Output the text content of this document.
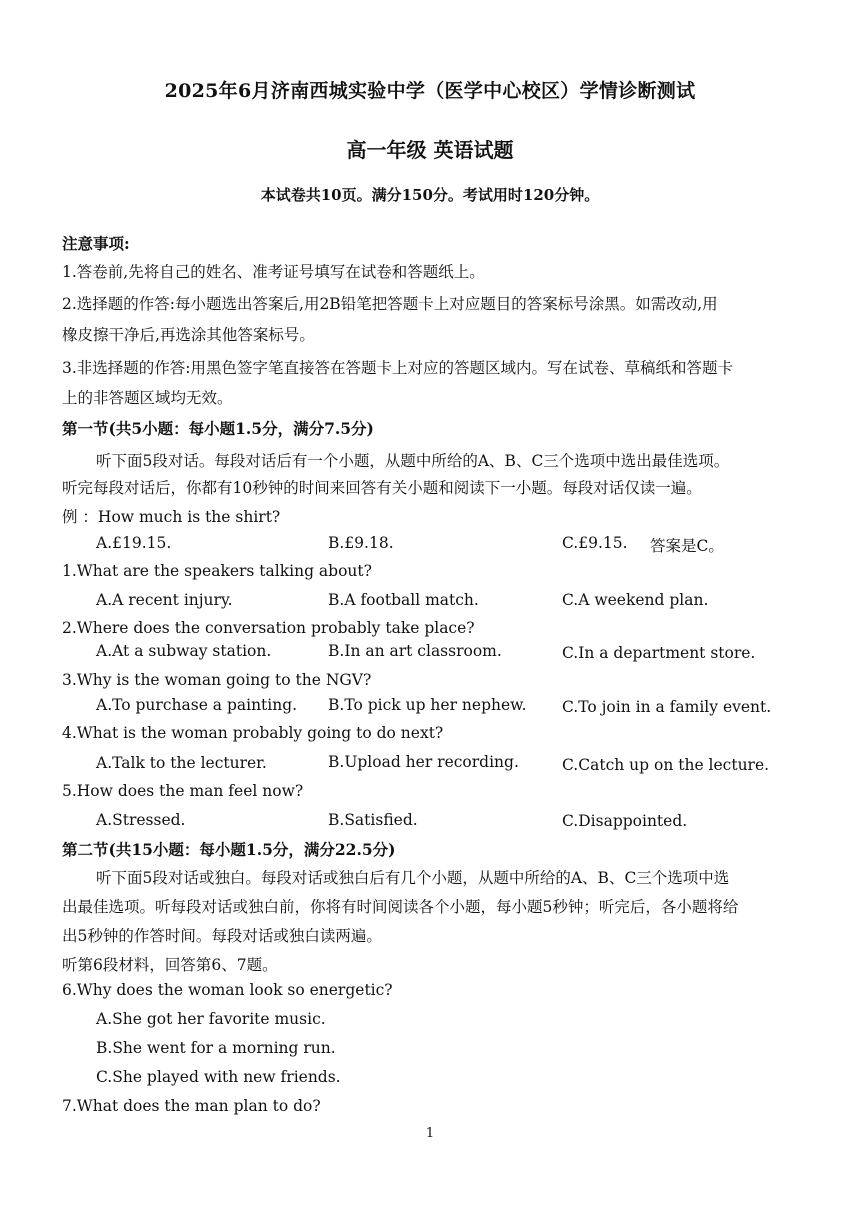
2025年6月济南西城实验中学（医学中心校区）学情诊断测试
高一年级 英语试题
本试卷共10页。满分150分。考试用时120分钟。
注意事项:
1.答卷前,先将自己的姓名、准考证号填写在试卷和答题纸上。
2.选择题的作答:每小题选出答案后,用2B铅笔把答题卡上对应题目的答案标号涂黑。如需改动,用
橡皮擦干净后,再选涂其他答案标号。
3.非选择题的作答:用黑色签字笔直接答在答题卡上对应的答题区域内。写在试卷、草稿纸和答题卡
上的非答题区域均无效。
第一节(共5小题：每小题1.5分，满分7.5分)
听下面5段对话。每段对话后有一个小题，从题中所给的A、B、C三个选项中选出最佳选项。
听完每段对话后，你都有10秒钟的时间来回答有关小题和阅读下一小题。每段对话仅读一遍。
例 ：How much is the shirt?
A.£19.15.	B.£9.18.	C.£9.15. 答案是C。
1.What are the speakers talking about?
A.A recent injury.	B.A football match.	C.A weekend plan.
2.Where does the conversation probably take place?
A.At a subway station.	B.In an art classroom.	C.In a department store.
3.Why is the woman going to the NGV?
A.To purchase a painting. B.To pick up her nephew. C.To join in a family event.
4.What is the woman probably going to do next?
A.Talk to the lecturer.	B.Upload her recording.	C.Catch up on the lecture.
5.How does the man feel now?
A.Stressed.	B.Satisfied.	C.Disappointed.
第二节(共15小题：每小题1.5分，满分22.5分)
听下面5段对话或独白。每段对话或独白后有几个小题，从题中所给的A、B、C三个选项中选
出最佳选项。听每段对话或独白前，你将有时间阅读各个小题，每小题5秒钟；听完后，各小题将给
出5秒钟的作答时间。每段对话或独白读两遍。
听第6段材料，回答第6、7题。
6.Why does the woman look so energetic?
A.She got her favorite music.
B.She went for a morning run.
C.She played with new friends.
7.What does the man plan to do?
1
